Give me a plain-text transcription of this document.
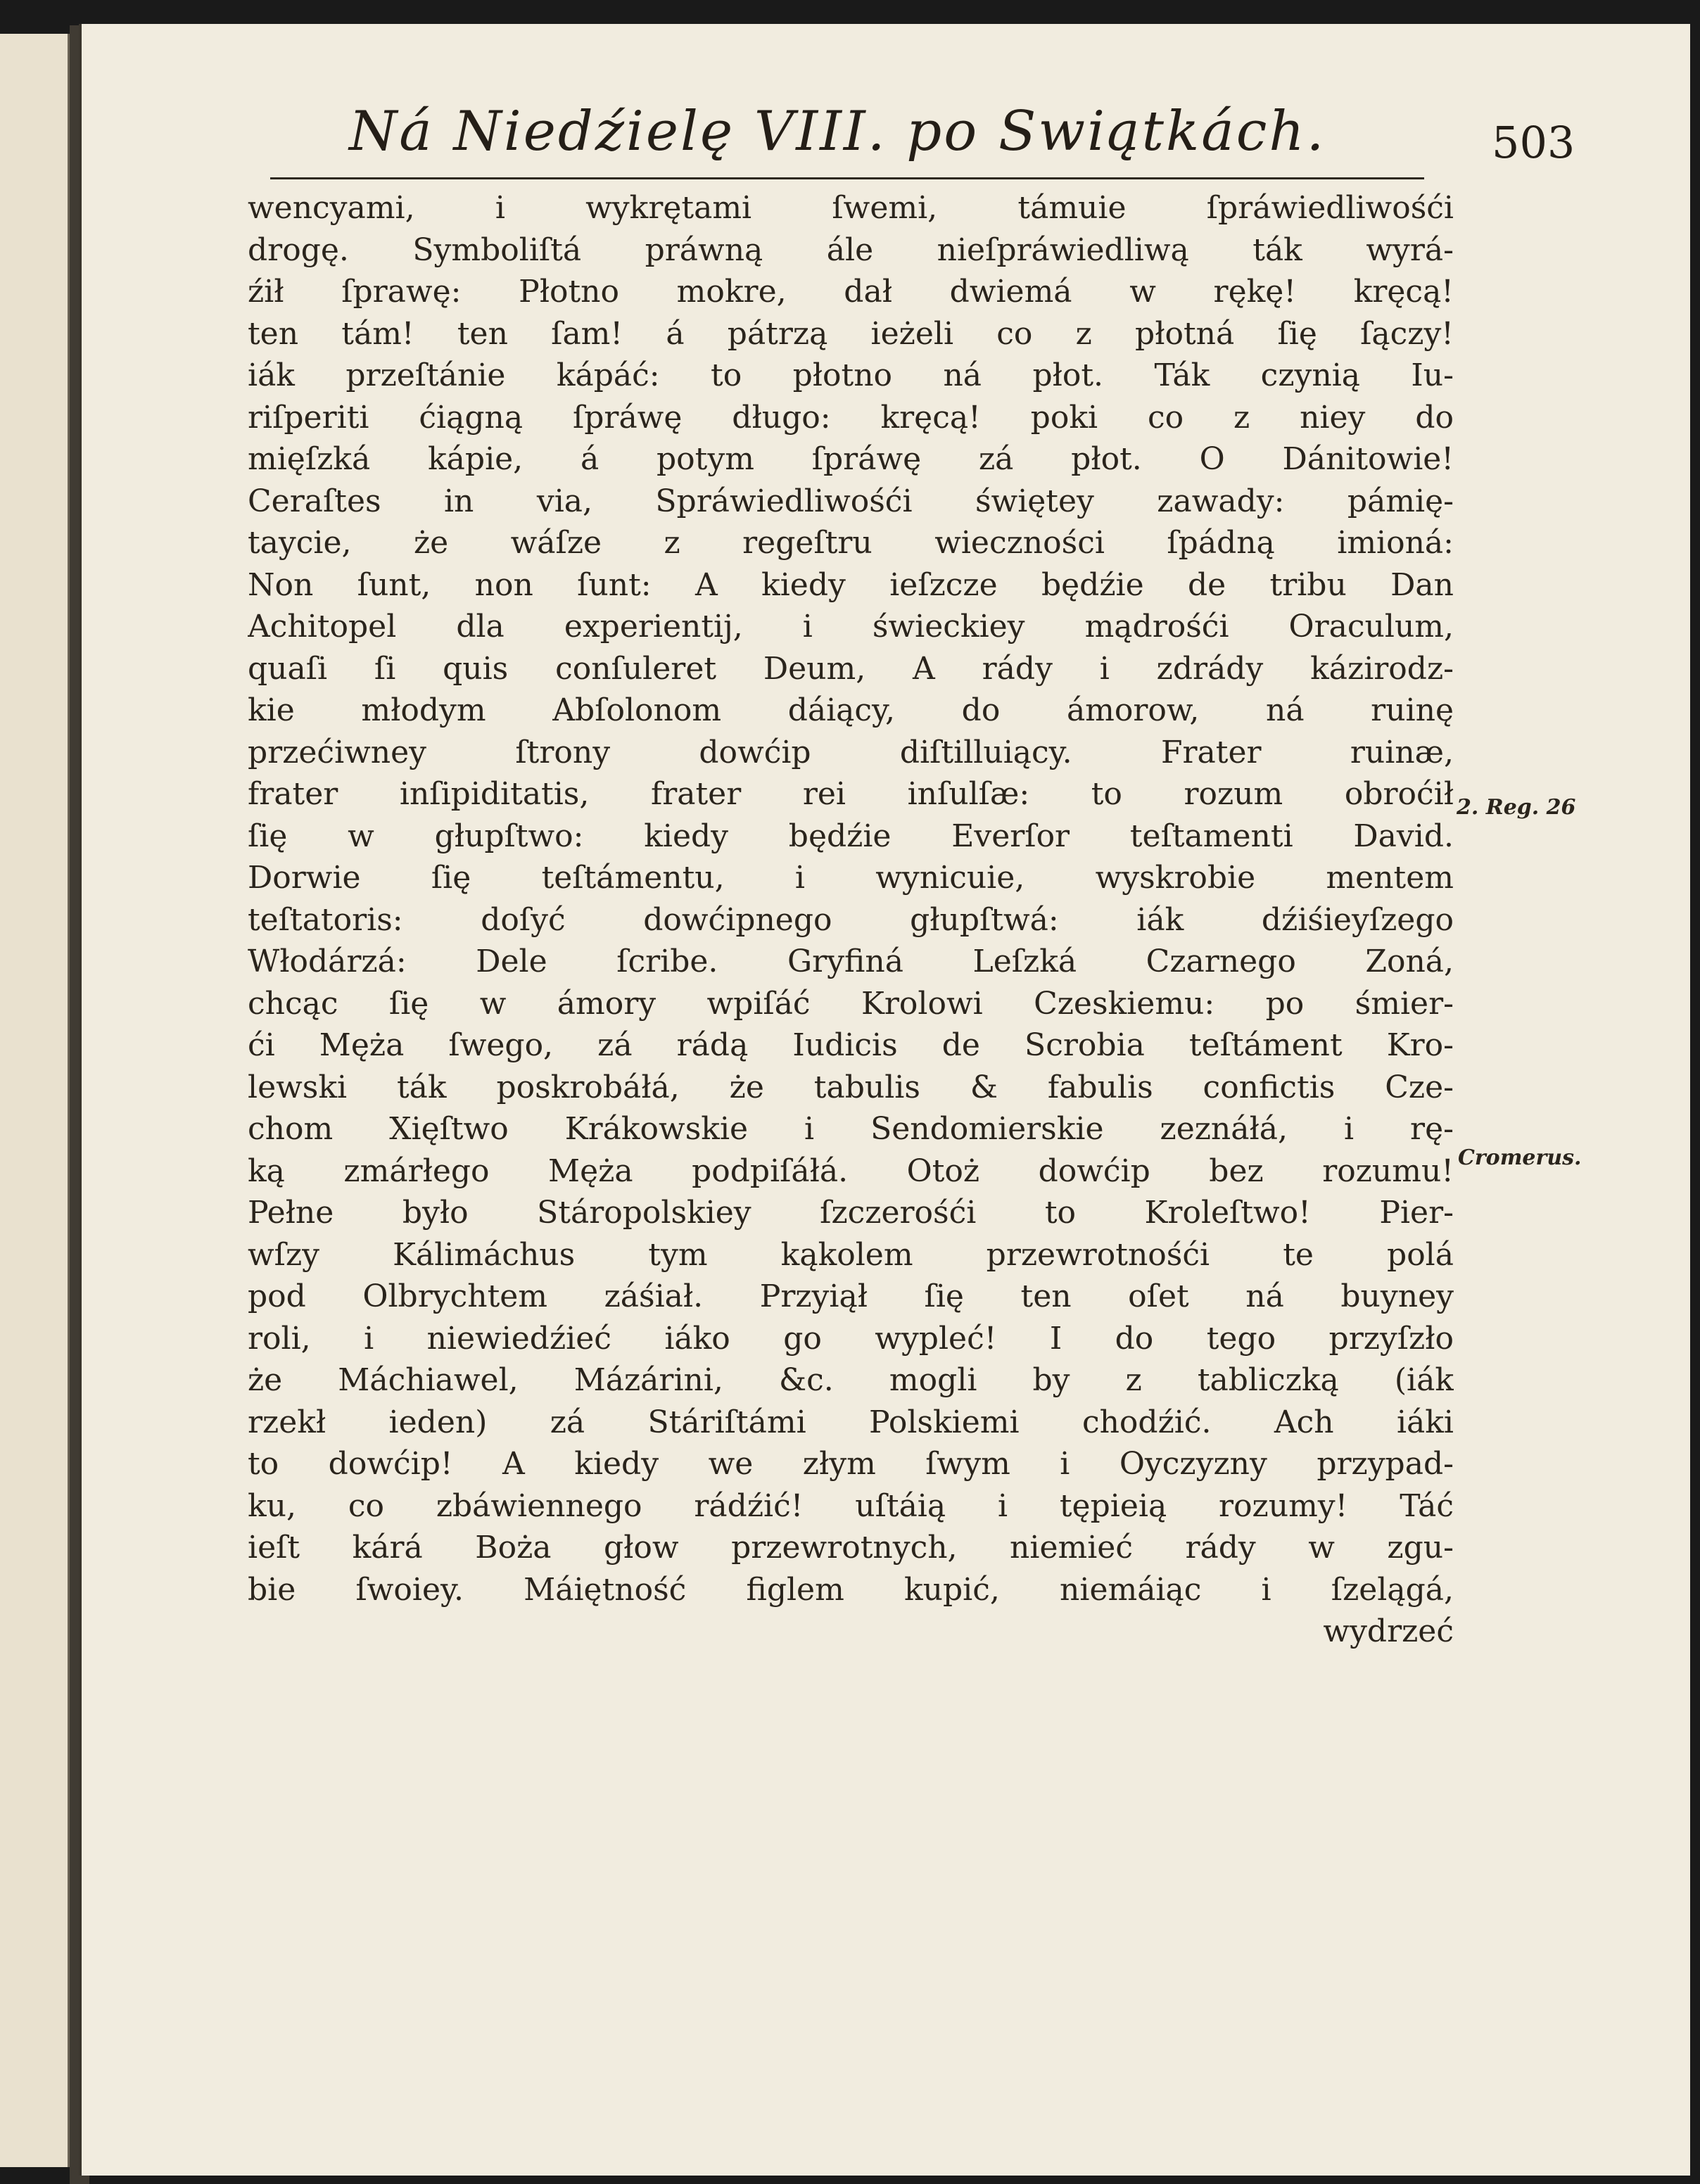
Ná Niedźielę VIII. po Swiątkách.	503
wencyami, i wykrętami ſwemi, támuie ſpráwiedliwośći
drogę. Symboliſtá práwną ále nieſpráwiedliwą ták wyrá-
źił ſprawę: Płotno mokre, dał dwiemá w rękę! kręcą!
ten tám! ten ſam! á pátrzą ieżeli co z płotná ſię ſączy!
iák przeſtánie kápáć: to płotno ná płot. Ták czynią Iu-
riſperiti ćiągną ſpráwę długo: kręcą! poki co z niey do
mięſzká kápie, á potym ſpráwę zá płot. O Dánitowie!
Ceraſtes in via, Spráwiedliwośći świętey zawady: pámię-
taycie, że wáſze z regeſtru wieczności ſpádną imioná:
Non ſunt, non ſunt: A kiedy ieſzcze będźie de tribu Dan
Achitopel dla experientij, i świeckiey mądrośći Oraculum,
quaſi ſi quis conſuleret Deum, A rády i zdrády kázirodz-
kie młodym Abſolonom dáiący, do ámorow, ná ruinę
przećiwney ſtrony dowćip diſtilluiący. Frater ruinæ,
frater inſipiditatis, frater rei inſulſæ: to rozum obroćił
ſię w głupſtwo: kiedy będźie Everſor teſtamenti David.
Dorwie ſię teſtámentu, i wynicuie, wyskrobie mentem
teſtatoris: doſyć dowćipnego głupſtwá: iák dźiśieyſzego
Włodárzá: Dele ſcribe. Gryfiná Leſzká Czarnego Zoná,
chcąc ſię w ámory wpiſáć Krolowi Czeskiemu: po śmier-
ći Męża ſwego, zá rádą Iudicis de Scrobia teſtáment Kro-
lewski ták poskrobáłá, że tabulis & fabulis confictis Cze-
chom Xięſtwo Krákowskie i Sendomierskie zeznáłá, i rę-
ką zmárłego Męża podpiſáłá. Otoż dowćip bez rozumu!
Pełne było Stáropolskiey ſzczerośći to Kroleſtwo! Pier-
wſzy Kálimáchus tym kąkolem przewrotnośći te polá
pod Olbrychtem záśiał. Przyiął ſię ten oſet ná buyney
roli, i niewiedźieć iáko go wypleć! I do tego przyſzło
że Máchiawel, Mázárini, &c. mogli by z tabliczką (iák
rzekł ieden) zá Stáriſtámi Polskiemi chodźić. Ach iáki
to dowćip! A kiedy we złym ſwym i Oyczyzny przypad-
ku, co zbáwiennego rádźić! uſtáią i tępieią rozumy! Táć
ieſt kárá Boża głow przewrotnych, niemieć rády w zgu-
bie ſwoiey. Máiętność figlem kupić, niemáiąc i ſzelągá,
wydrzeć
2. Reg. 26
Cromerus.
